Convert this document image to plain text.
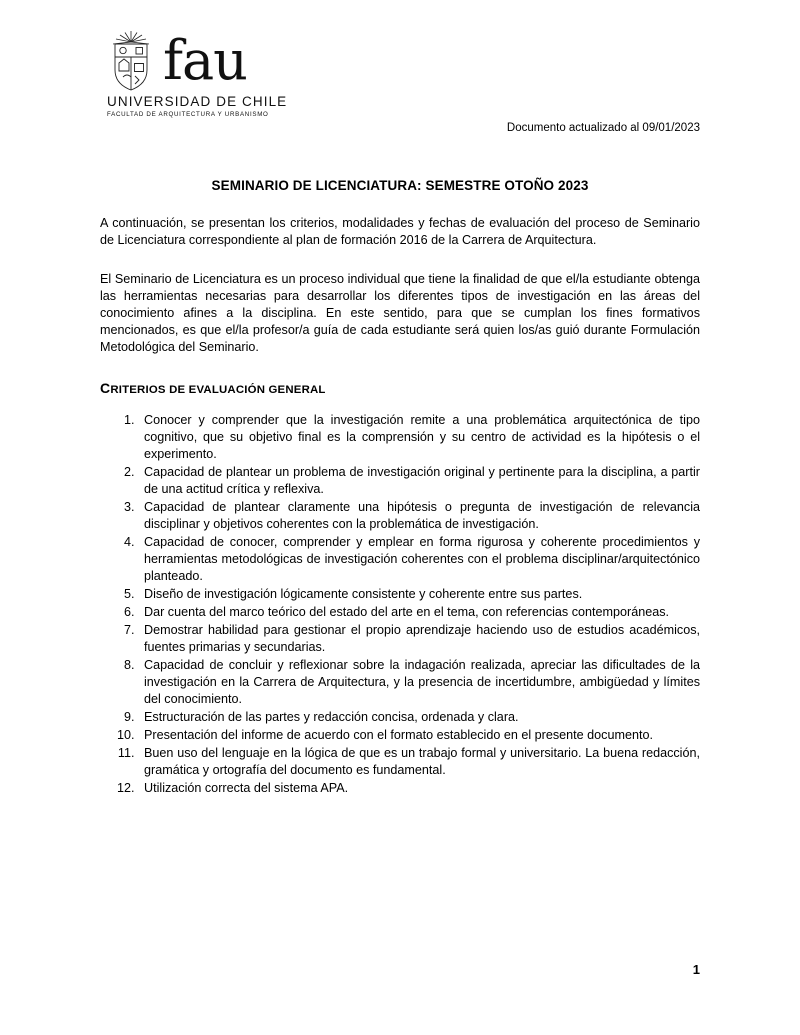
fau
UNIVERSIDAD DE CHILE
FACULTAD DE ARQUITECTURA Y URBANISMO
Documento actualizado al 09/01/2023
SEMINARIO DE LICENCIATURA: SEMESTRE OTOÑO 2023

A continuación, se presentan los criterios, modalidades y fechas de evaluación del proceso de Seminario de Licenciatura correspondiente al plan de formación 2016 de la Carrera de Arquitectura.

El Seminario de Licenciatura es un proceso individual que tiene la finalidad de que el/la estudiante obtenga las herramientas necesarias para desarrollar los diferentes tipos de investigación en las áreas del conocimiento afines a la disciplina. En este sentido, para que se cumplan los fines formativos mencionados, es que el/la profesor/a guía de cada estudiante será quien los/as guió durante Formulación Metodológica del Seminario.

CRITERIOS DE EVALUACIÓN GENERAL
1. Conocer y comprender que la investigación remite a una problemática arquitectónica de tipo cognitivo, que su objetivo final es la comprensión y su centro de actividad es la hipótesis o el experimento.
2. Capacidad de plantear un problema de investigación original y pertinente para la disciplina, a partir de una actitud crítica y reflexiva.
3. Capacidad de plantear claramente una hipótesis o pregunta de investigación de relevancia disciplinar y objetivos coherentes con la problemática de investigación.
4. Capacidad de conocer, comprender y emplear en forma rigurosa y coherente procedimientos y herramientas metodológicas de investigación coherentes con el problema disciplinar/arquitectónico planteado.
5. Diseño de investigación lógicamente consistente y coherente entre sus partes.
6. Dar cuenta del marco teórico del estado del arte en el tema, con referencias contemporáneas.
7. Demostrar habilidad para gestionar el propio aprendizaje haciendo uso de estudios académicos, fuentes primarias y secundarias.
8. Capacidad de concluir y reflexionar sobre la indagación realizada, apreciar las dificultades de la investigación en la Carrera de Arquitectura, y la presencia de incertidumbre, ambigüedad y límites del conocimiento.
9. Estructuración de las partes y redacción concisa, ordenada y clara.
10. Presentación del informe de acuerdo con el formato establecido en el presente documento.
11. Buen uso del lenguaje en la lógica de que es un trabajo formal y universitario. La buena redacción, gramática y ortografía del documento es fundamental.
12. Utilización correcta del sistema APA.
1
